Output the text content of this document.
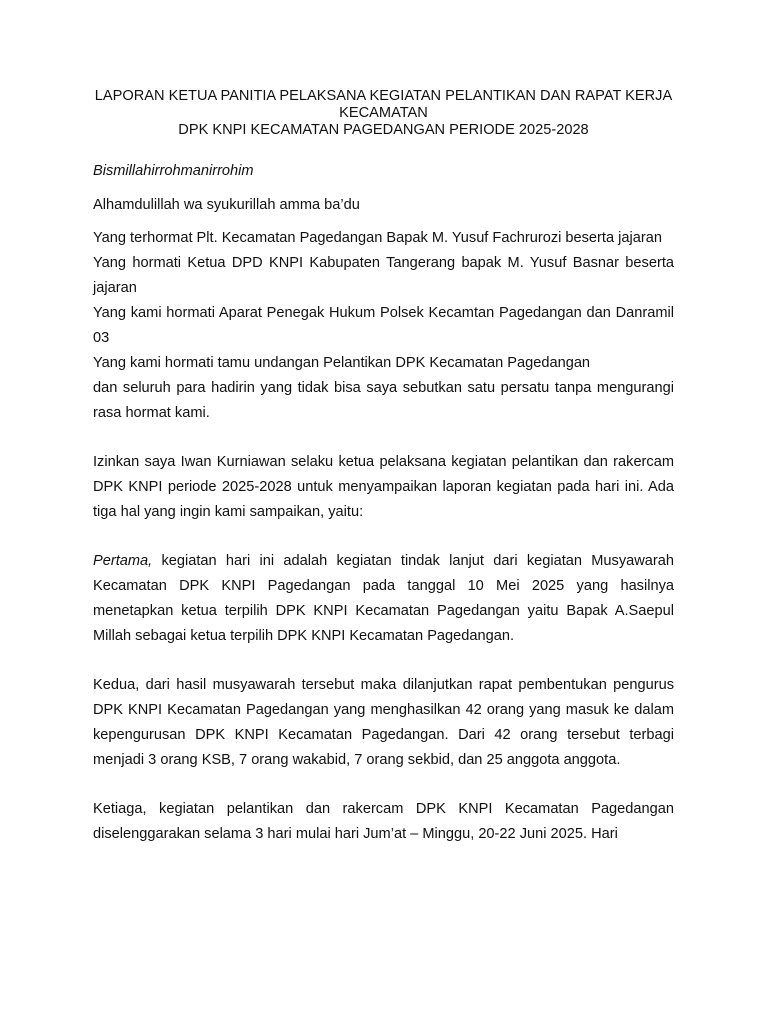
LAPORAN KETUA PANITIA PELAKSANA KEGIATAN PELANTIKAN DAN RAPAT KERJA KECAMATAN
DPK KNPI KECAMATAN PAGEDANGAN PERIODE 2025-2028

Bismillahirrohmanirrohim

Alhamdulillah wa syukurillah amma ba’du

Yang terhormat Plt. Kecamatan Pagedangan Bapak M. Yusuf Fachrurozi beserta jajaran

Yang hormati Ketua DPD KNPI Kabupaten Tangerang bapak M. Yusuf Basnar beserta jajaran

Yang kami hormati Aparat Penegak Hukum Polsek Kecamtan Pagedangan dan Danramil 03

Yang kami hormati tamu undangan Pelantikan DPK Kecamatan Pagedangan

dan seluruh para hadirin yang tidak bisa saya sebutkan satu persatu tanpa mengurangi rasa hormat kami.

Izinkan saya Iwan Kurniawan selaku ketua pelaksana kegiatan pelantikan dan rakercam DPK KNPI periode 2025-2028 untuk menyampaikan laporan kegiatan pada hari ini. Ada tiga hal yang ingin kami sampaikan, yaitu:

Pertama, kegiatan hari ini adalah kegiatan tindak lanjut dari kegiatan Musyawarah Kecamatan DPK KNPI Pagedangan pada tanggal 10 Mei 2025 yang hasilnya menetapkan ketua terpilih DPK KNPI Kecamatan Pagedangan yaitu Bapak A.Saepul Millah sebagai ketua terpilih DPK KNPI Kecamatan Pagedangan.

Kedua, dari hasil musyawarah tersebut maka dilanjutkan rapat pembentukan pengurus DPK KNPI Kecamatan Pagedangan yang menghasilkan 42 orang yang masuk ke dalam kepengurusan DPK KNPI Kecamatan Pagedangan. Dari 42 orang tersebut terbagi menjadi 3 orang KSB, 7 orang wakabid, 7 orang sekbid, dan 25 anggota anggota.

Ketiaga, kegiatan pelantikan dan rakercam DPK KNPI Kecamatan Pagedangan diselenggarakan selama 3 hari mulai hari Jum’at – Minggu, 20-22 Juni 2025. Hari
